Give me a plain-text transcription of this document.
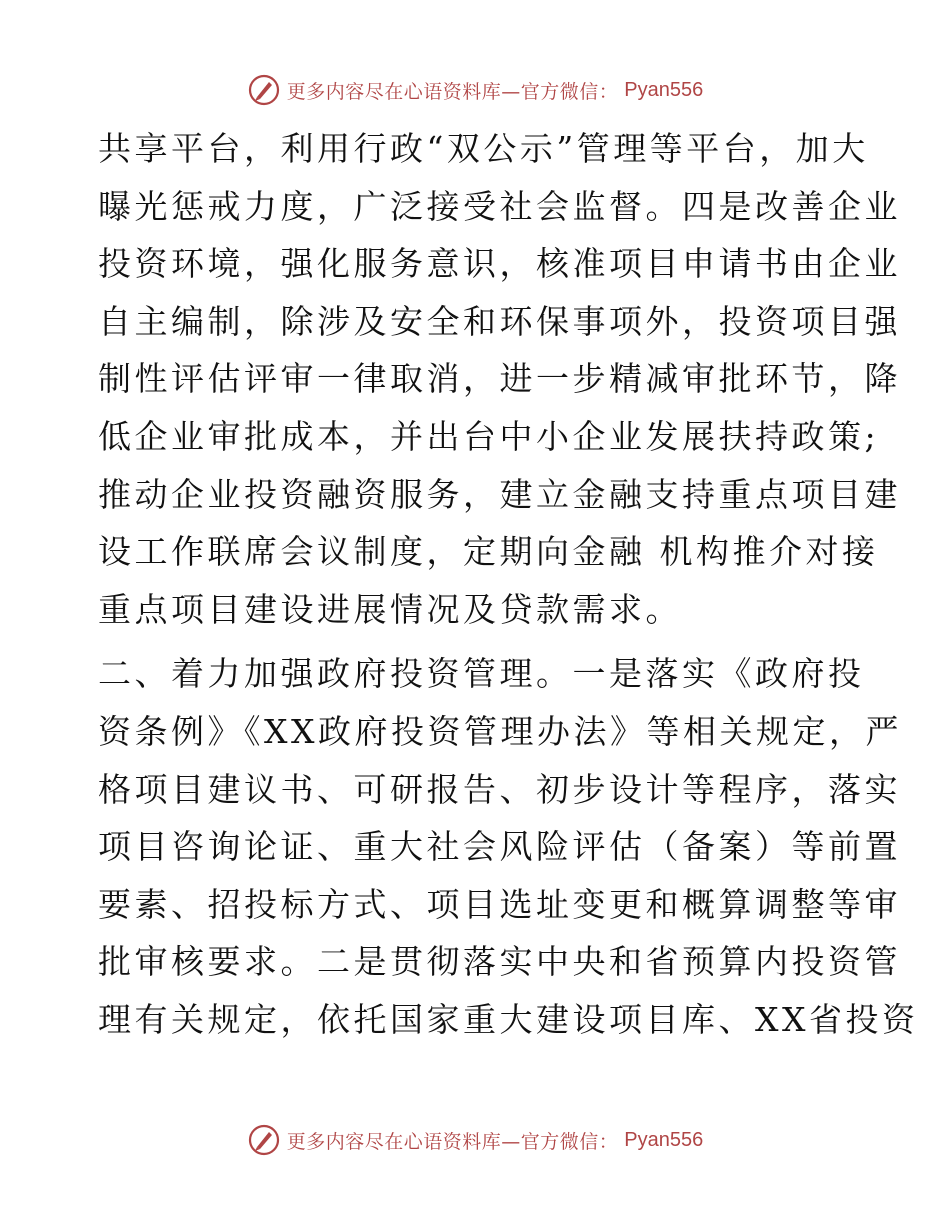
更多内容尽在心语资料库—官方微信： Pyan556
共享平台，利用行政“双公示”管理等平台，加大
曝光惩戒力度，广泛接受社会监督。四是改善企业
投资环境，强化服务意识，核准项目申请书由企业
自主编制，除涉及安全和环保事项外，投资项目强
制性评估评审一律取消，进一步精减审批环节，降
低企业审批成本，并出台中小企业发展扶持政策;
推动企业投资融资服务，建立金融支持重点项目建
设工作联席会议制度，定期向金融 机构推介对接
重点项目建设进展情况及贷款需求。
二、着力加强政府投资管理。一是落实《政府投
资条例》《XX政府投资管理办法》等相关规定，严
格项目建议书、可研报告、初步设计等程序，落实
项目咨询论证、重大社会风险评估（备案）等前置
要素、招投标方式、项目选址变更和概算调整等审
批审核要求。二是贯彻落实中央和省预算内投资管
理有关规定，依托国家重大建设项目库、XX省投资
更多内容尽在心语资料库—官方微信： Pyan556
